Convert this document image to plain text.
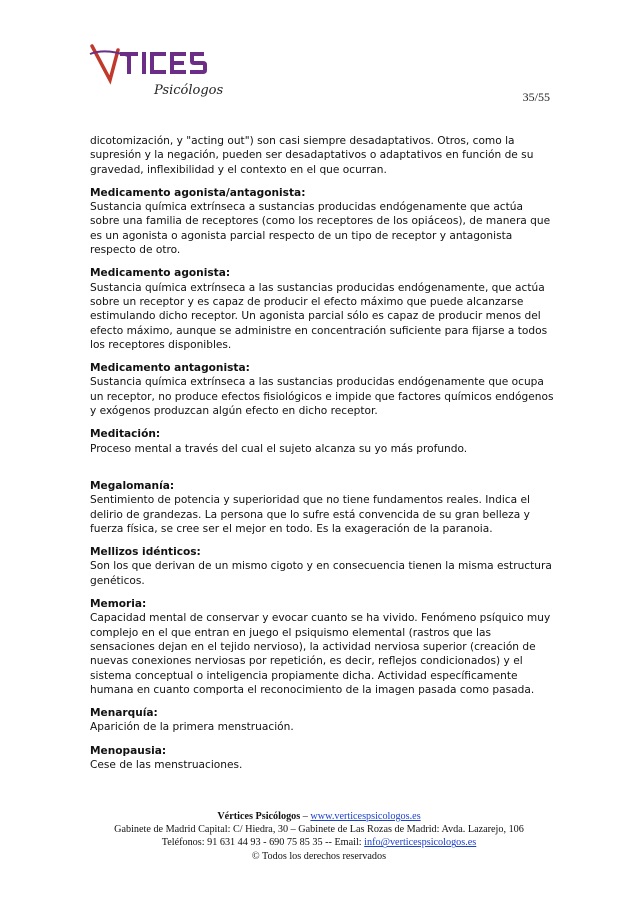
Psicólogos	35/55

dicotomización, y "acting out") son casi siempre desadaptativos. Otros, como la supresión y la negación, pueden ser desadaptativos o adaptativos en función de su gravedad, inflexibilidad y el contexto en el que ocurran.

Medicamento agonista/antagonista:
Sustancia química extrínseca a sustancias producidas endógenamente que actúa sobre una familia de receptores (como los receptores de los opiáceos), de manera que es un agonista o agonista parcial respecto de un tipo de receptor y antagonista respecto de otro.
Medicamento agonista:
Sustancia química extrínseca a las sustancias producidas endógenamente, que actúa sobre un receptor y es capaz de producir el efecto máximo que puede alcanzarse estimulando dicho receptor. Un agonista parcial sólo es capaz de producir menos del efecto máximo, aunque se administre en concentración suficiente para fijarse a todos los receptores disponibles.
Medicamento antagonista:
Sustancia química extrínseca a las sustancias producidas endógenamente que ocupa un receptor, no produce efectos fisiológicos e impide que factores químicos endógenos y exógenos produzcan algún efecto en dicho receptor.
Meditación:
Proceso mental a través del cual el sujeto alcanza su yo más profundo.
Megalomanía:
Sentimiento de potencia y superioridad que no tiene fundamentos reales. Indica el delirio de grandezas. La persona que lo sufre está convencida de su gran belleza y fuerza física, se cree ser el mejor en todo. Es la exageración de la paranoia.
Mellizos idénticos:
Son los que derivan de un mismo cigoto y en consecuencia tienen la misma estructura genéticos.
Memoria:
Capacidad mental de conservar y evocar cuanto se ha vivido. Fenómeno psíquico muy complejo en el que entran en juego el psiquismo elemental (rastros que las sensaciones dejan en el tejido nervioso), la actividad nerviosa superior (creación de nuevas conexiones nerviosas por repetición, es decir, reflejos condicionados) y el sistema conceptual o inteligencia propiamente dicha. Actividad específicamente humana en cuanto comporta el reconocimiento de la imagen pasada como pasada.
Menarquía:
Aparición de la primera menstruación.
Menopausia:
Cese de las menstruaciones.
Vértices Psicólogos – www.verticespsicologos.es
Gabinete de Madrid Capital: C/ Hiedra, 30 – Gabinete de Las Rozas de Madrid: Avda. Lazarejo, 106
Teléfonos: 91 631 44 93 - 690 75 85 35 -- Email: info@verticespsicologos.es
© Todos los derechos reservados
